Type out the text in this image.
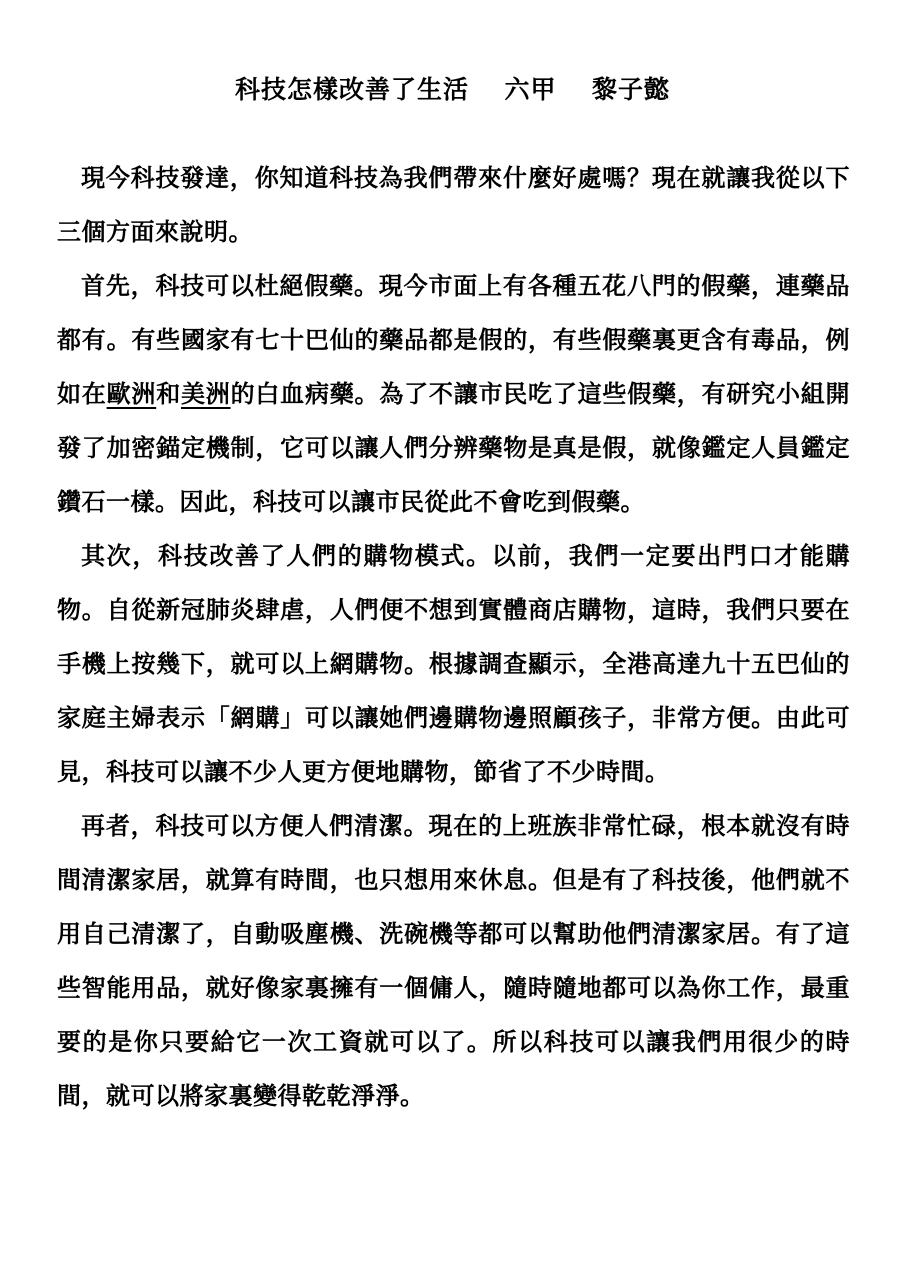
科技怎樣改善了生活 六甲 黎子懿

現今科技發達，你知道科技為我們帶來什麼好處嗎？現在就讓我從以下三個方面來說明。

首先，科技可以杜絕假藥。現今市面上有各種五花八門的假藥，連藥品都有。有些國家有七十巴仙的藥品都是假的，有些假藥裏更含有毒品，例如在歐洲和美洲的白血病藥。為了不讓市民吃了這些假藥，有研究小組開發了加密錨定機制，它可以讓人們分辨藥物是真是假，就像鑑定人員鑑定鑽石一樣。因此，科技可以讓市民從此不會吃到假藥。

其次，科技改善了人們的購物模式。以前，我們一定要出門口才能購物。自從新冠肺炎肆虐，人們便不想到實體商店購物，這時，我們只要在手機上按幾下，就可以上網購物。根據調查顯示，全港高達九十五巴仙的家庭主婦表示「網購」可以讓她們邊購物邊照顧孩子，非常方便。由此可見，科技可以讓不少人更方便地購物，節省了不少時間。

再者，科技可以方便人們清潔。現在的上班族非常忙碌，根本就沒有時間清潔家居，就算有時間，也只想用來休息。但是有了科技後，他們就不用自己清潔了，自動吸塵機、洗碗機等都可以幫助他們清潔家居。有了這些智能用品，就好像家裏擁有一個傭人，隨時隨地都可以為你工作，最重要的是你只要給它一次工資就可以了。所以科技可以讓我們用很少的時間，就可以將家裏變得乾乾淨淨。
